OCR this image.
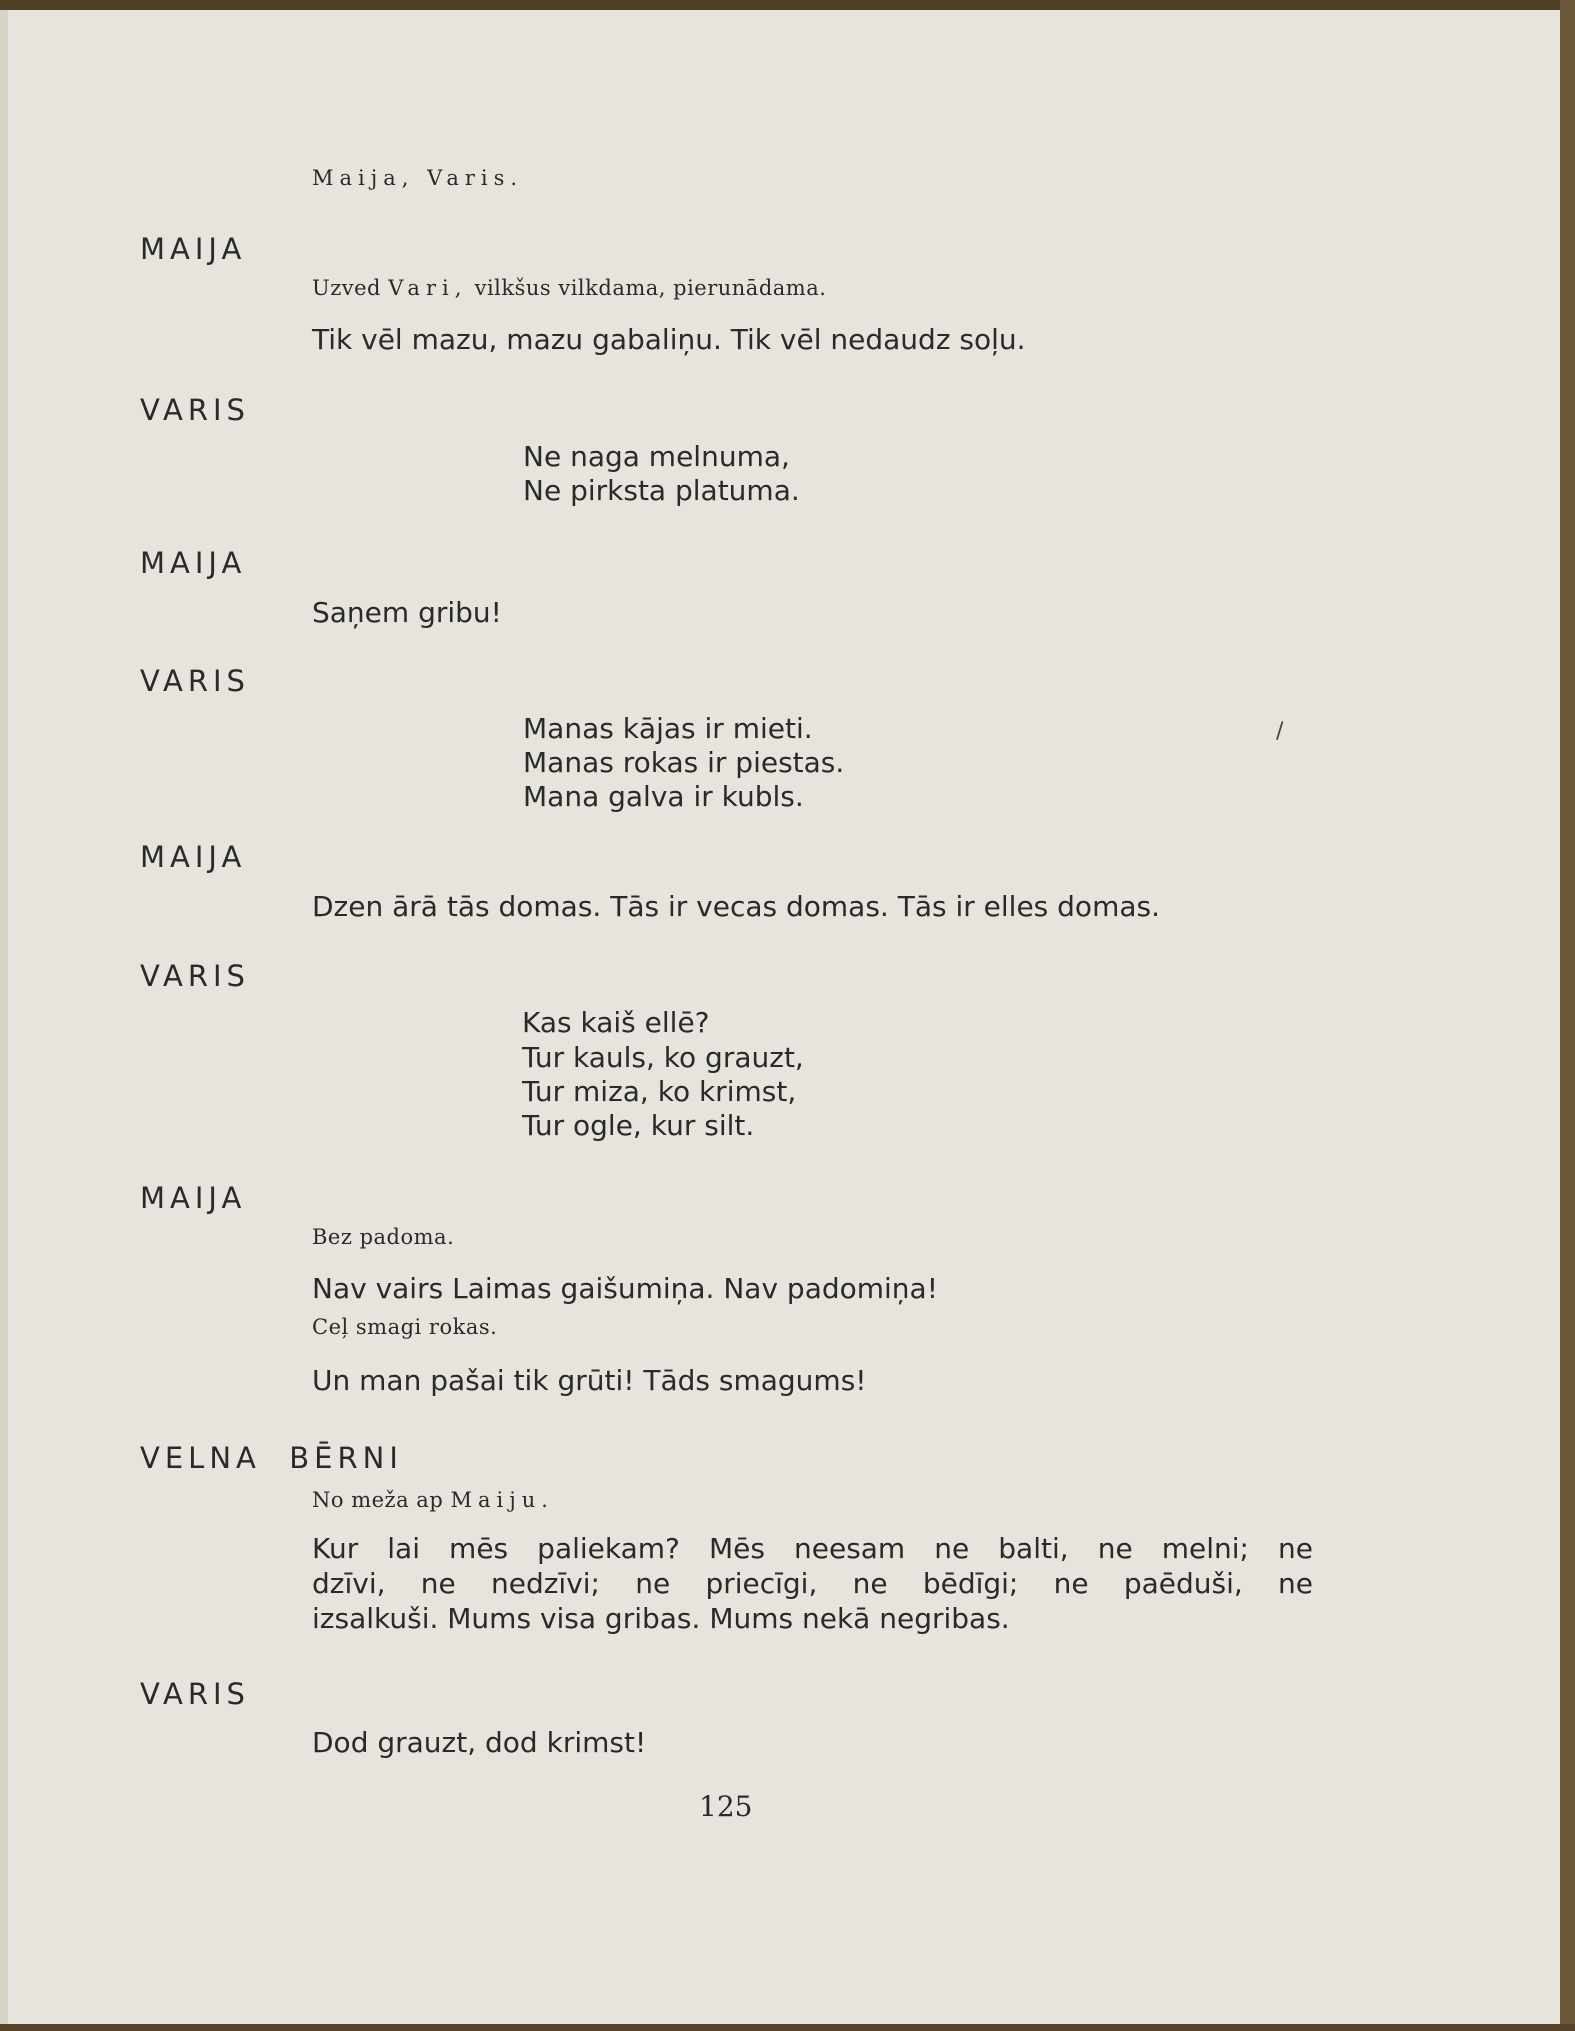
Maija, Varis.
MAIJA
Uzved Vari, vilkšus vilkdama, pierunādama.
Tik vēl mazu, mazu gabaliņu. Tik vēl nedaudz soļu.
VARIS
Ne naga melnuma,
Ne pirksta platuma.
MAIJA
Saņem gribu!
VARIS
Manas kājas ir mieti.
Manas rokas ir piestas.
Mana galva ir kubls.
/
MAIJA
Dzen ārā tās domas. Tās ir vecas domas. Tās ir elles domas.
VARIS
Kas kaiš ellē?
Tur kauls, ko grauzt,
Tur miza, ko krimst,
Tur ogle, kur silt.
MAIJA
Bez padoma.
Nav vairs Laimas gaišumiņa. Nav padomiņa!
Ceļ smagi rokas.
Un man pašai tik grūti! Tāds smagums!
VELNA  BĒRNI
No meža ap Maiju.
Kur lai mēs paliekam? Mēs neesam ne balti, ne melni; ne
dzīvi, ne nedzīvi; ne priecīgi, ne bēdīgi; ne paēduši, ne
izsalkuši. Mums visa gribas. Mums nekā negribas.
VARIS
Dod grauzt, dod krimst!
125
